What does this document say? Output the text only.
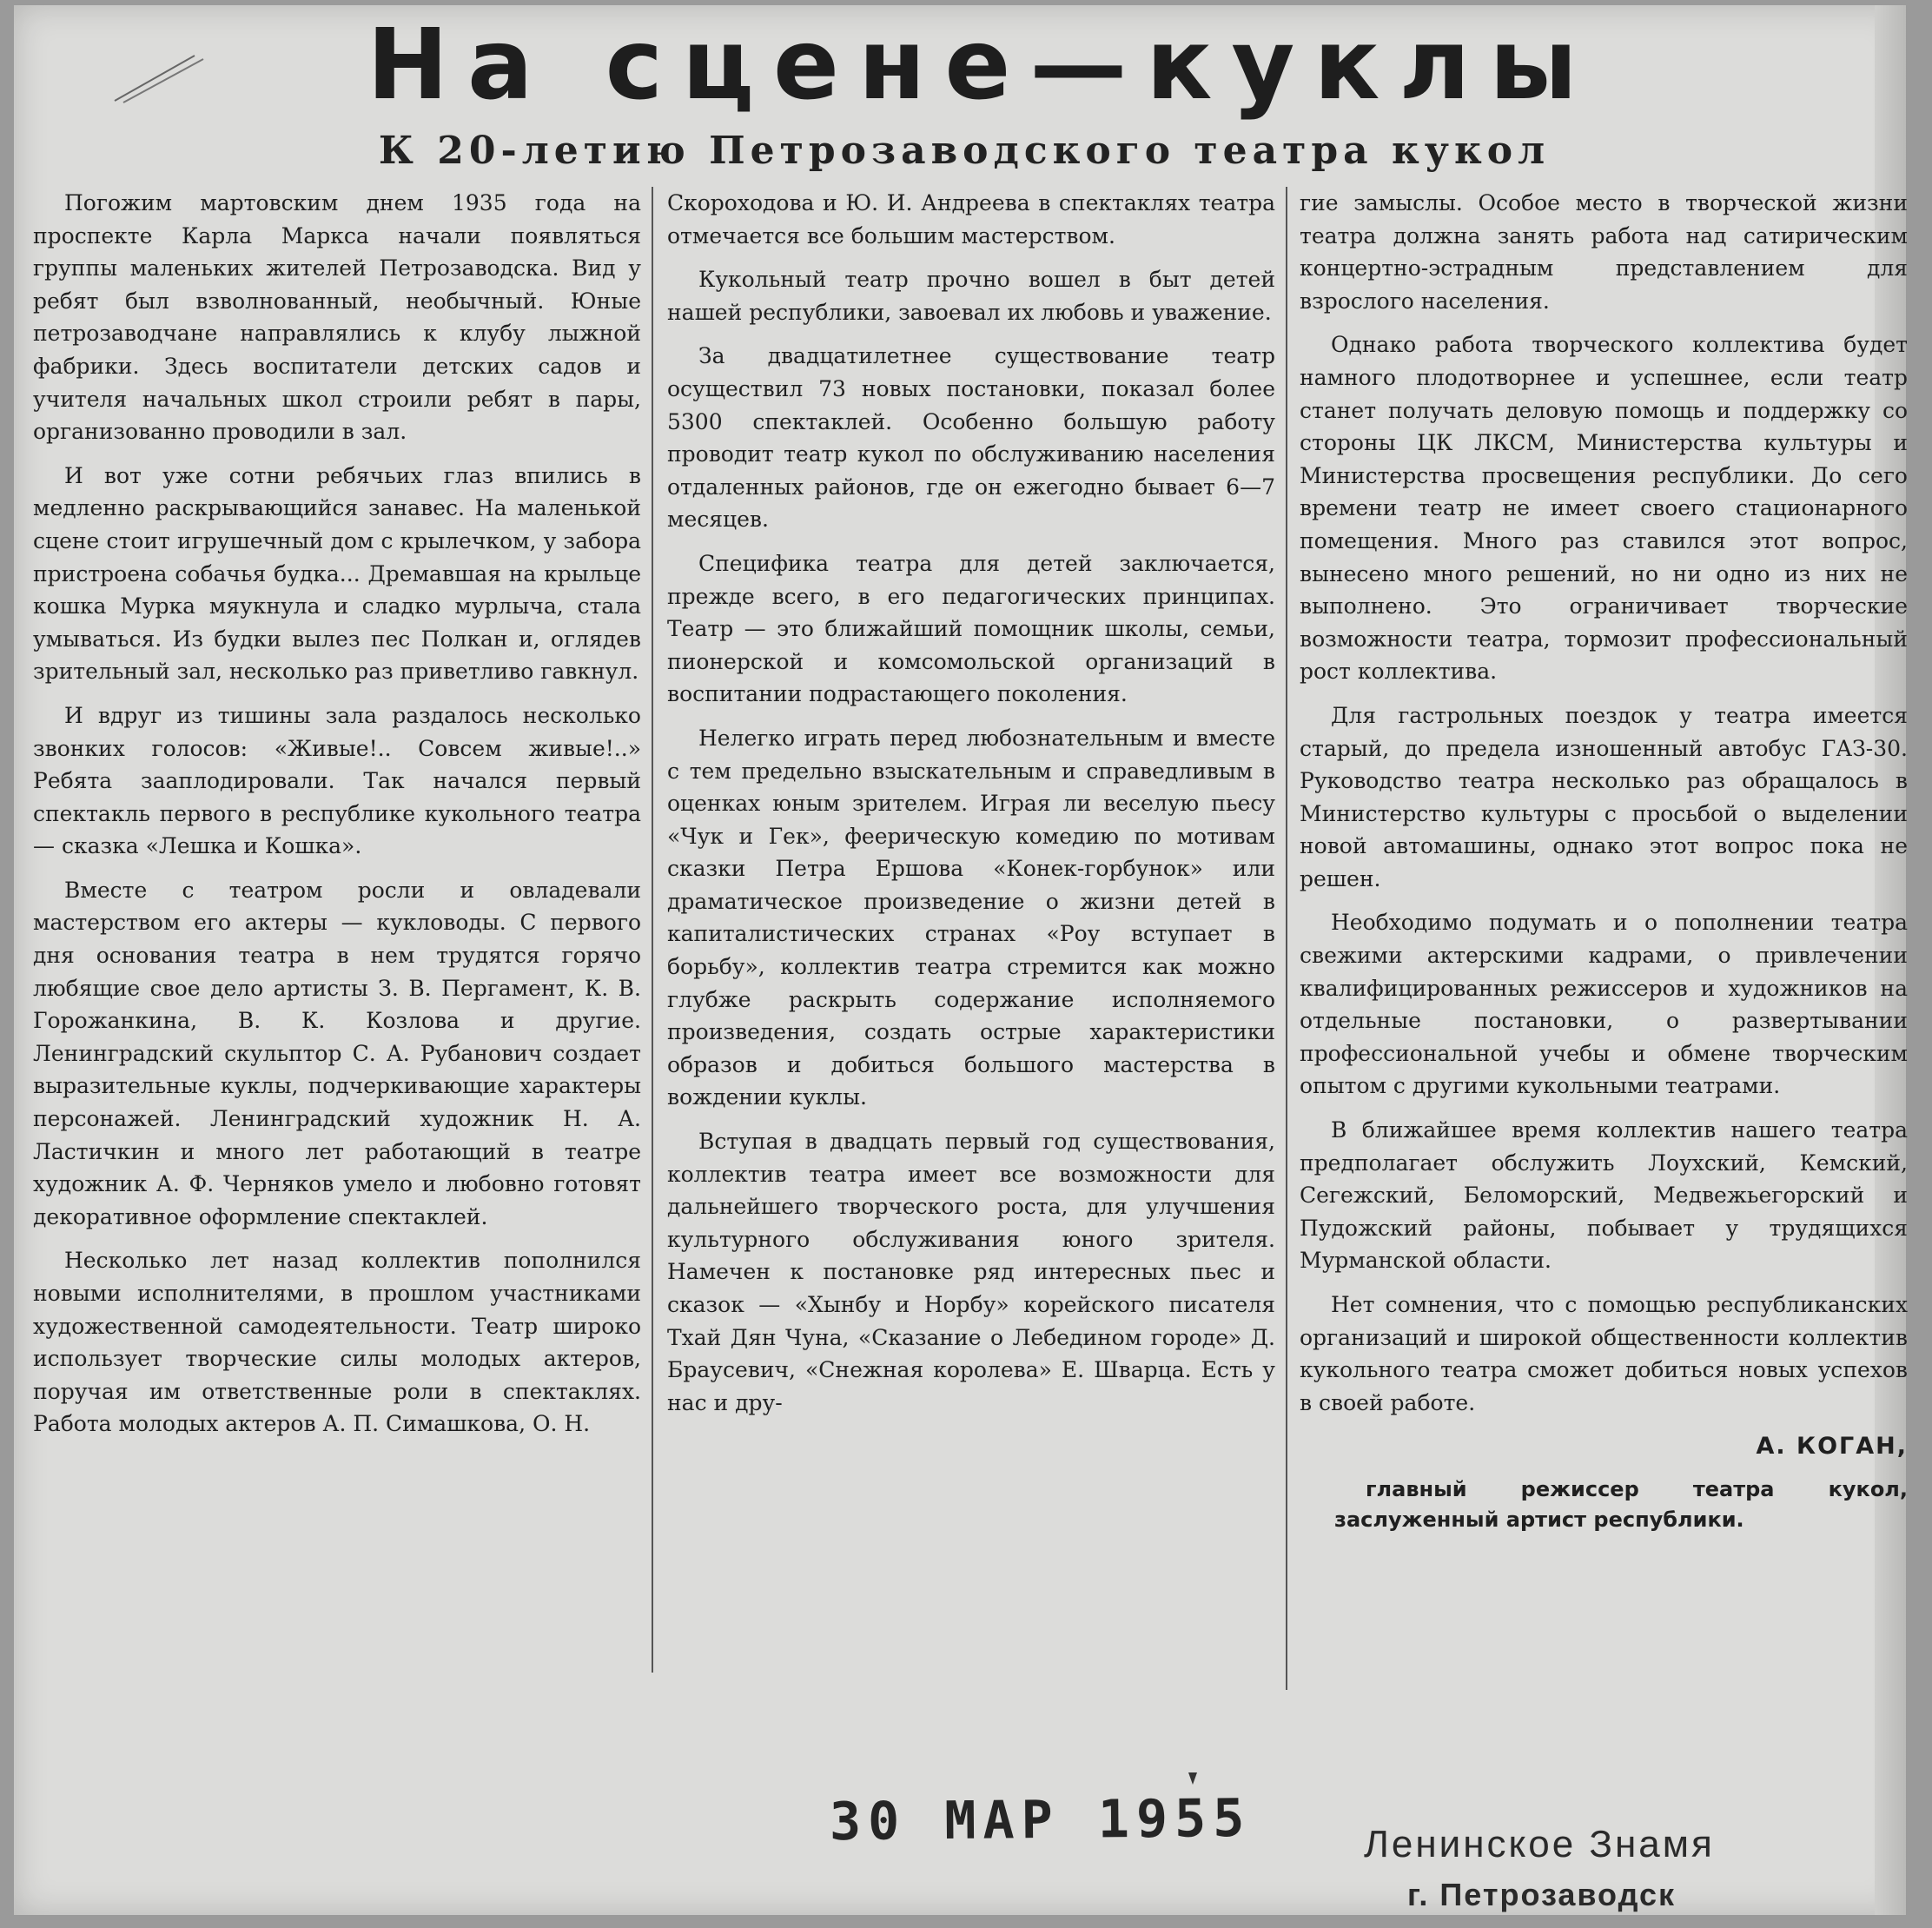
На сцене—куклы
К 20-летию Петрозаводского театра кукол

Погожим мартовским днем 1935 года на проспекте Карла Маркса начали появляться группы маленьких жителей Петрозаводска. Вид у ребят был взволнованный, необычный. Юные петрозаводчане направлялись к клубу лыжной фабрики. Здесь воспитатели детских садов и учителя начальных школ строили ребят в пары, организованно проводили в зал.

И вот уже сотни ребячьих глаз впились в медленно раскрывающийся занавес. На маленькой сцене стоит игрушечный дом с крылечком, у забора пристроена собачья будка... Дремавшая на крыльце кошка Мурка мяукнула и сладко мурлыча, стала умываться. Из будки вылез пес Полкан и, оглядев зрительный зал, несколько раз приветливо гавкнул.

И вдруг из тишины зала раздалось несколько звонких голосов: «Живые!.. Совсем живые!..» Ребята зааплодировали. Так начался первый спектакль первого в республике кукольного театра — сказка «Лешка и Кошка».

Вместе с театром росли и овладевали мастерством его актеры — кукловоды. С первого дня основания театра в нем трудятся горячо любящие свое дело артисты З. В. Пергамент, К. В. Горожанкина, В. К. Козлова и другие. Ленинградский скульптор С. А. Рубанович создает выразительные куклы, подчеркивающие характеры персонажей. Ленинградский художник Н. А. Ластичкин и много лет работающий в театре художник А. Ф. Черняков умело и любовно готовят декоративное оформление спектаклей.

Несколько лет назад коллектив пополнился новыми исполнителями, в прошлом участниками художественной самодеятельности. Театр широко использует творческие силы молодых актеров, поручая им ответственные роли в спектаклях. Работа молодых актеров А. П. Симашкова, О. Н.

Скороходова и Ю. И. Андреева в спектаклях театра отмечается все большим мастерством.

Кукольный театр прочно вошел в быт детей нашей республики, завоевал их любовь и уважение.

За двадцатилетнее существование театр осуществил 73 новых постановки, показал более 5300 спектаклей. Особенно большую работу проводит театр кукол по обслуживанию населения отдаленных районов, где он ежегодно бывает 6—7 месяцев.

Специфика театра для детей заключается, прежде всего, в его педагогических принципах. Театр — это ближайший помощник школы, семьи, пионерской и комсомольской организаций в воспитании подрастающего поколения.

Нелегко играть перед любознательным и вместе с тем предельно взыскательным и справедливым в оценках юным зрителем. Играя ли веселую пьесу «Чук и Гек», феерическую комедию по мотивам сказки Петра Ершова «Конек-горбунок» или драматическое произведение о жизни детей в капиталистических странах «Роу вступает в борьбу», коллектив театра стремится как можно глубже раскрыть содержание исполняемого произведения, создать острые характеристики образов и добиться большого мастерства в вождении куклы.

Вступая в двадцать первый год существования, коллектив театра имеет все возможности для дальнейшего творческого роста, для улучшения культурного обслуживания юного зрителя. Намечен к постановке ряд интересных пьес и сказок — «Хынбу и Норбу» корейского писателя Тхай Дян Чуна, «Сказание о Лебедином городе» Д. Браусевич, «Снежная королева» Е. Шварца. Есть у нас и дру-

гие замыслы. Особое место в творческой жизни театра должна занять работа над сатирическим концертно-эстрадным представлением для взрослого населения.

Однако работа творческого коллектива будет намного плодотворнее и успешнее, если театр станет получать деловую помощь и поддержку со стороны ЦК ЛКСМ, Министерства культуры и Министерства просвещения республики. До сего времени театр не имеет своего стационарного помещения. Много раз ставился этот вопрос, вынесено много решений, но ни одно из них не выполнено. Это ограничивает творческие возможности театра, тормозит профессиональный рост коллектива.

Для гастрольных поездок у театра имеется старый, до предела изношенный автобус ГАЗ-30. Руководство театра несколько раз обращалось в Министерство культуры с просьбой о выделении новой автомашины, однако этот вопрос пока не решен.

Необходимо подумать и о пополнении театра свежими актерскими кадрами, о привлечении квалифицированных режиссеров и художников на отдельные постановки, о развертывании профессиональной учебы и обмене творческим опытом с другими кукольными театрами.

В ближайшее время коллектив нашего театра предполагает обслужить Лоухский, Кемский, Сегежский, Беломорский, Медвежьегорский и Пудожский районы, побывает у трудящихся Мурманской области.

Нет сомнения, что с помощью республиканских организаций и широкой общественности коллектив кукольного театра сможет добиться новых успехов в своей работе.

А. КОГАН,

главный режиссер театра кукол, заслуженный артист республики.

30 МАР 1955	Ленинское Знамя
г. Петрозаводск
